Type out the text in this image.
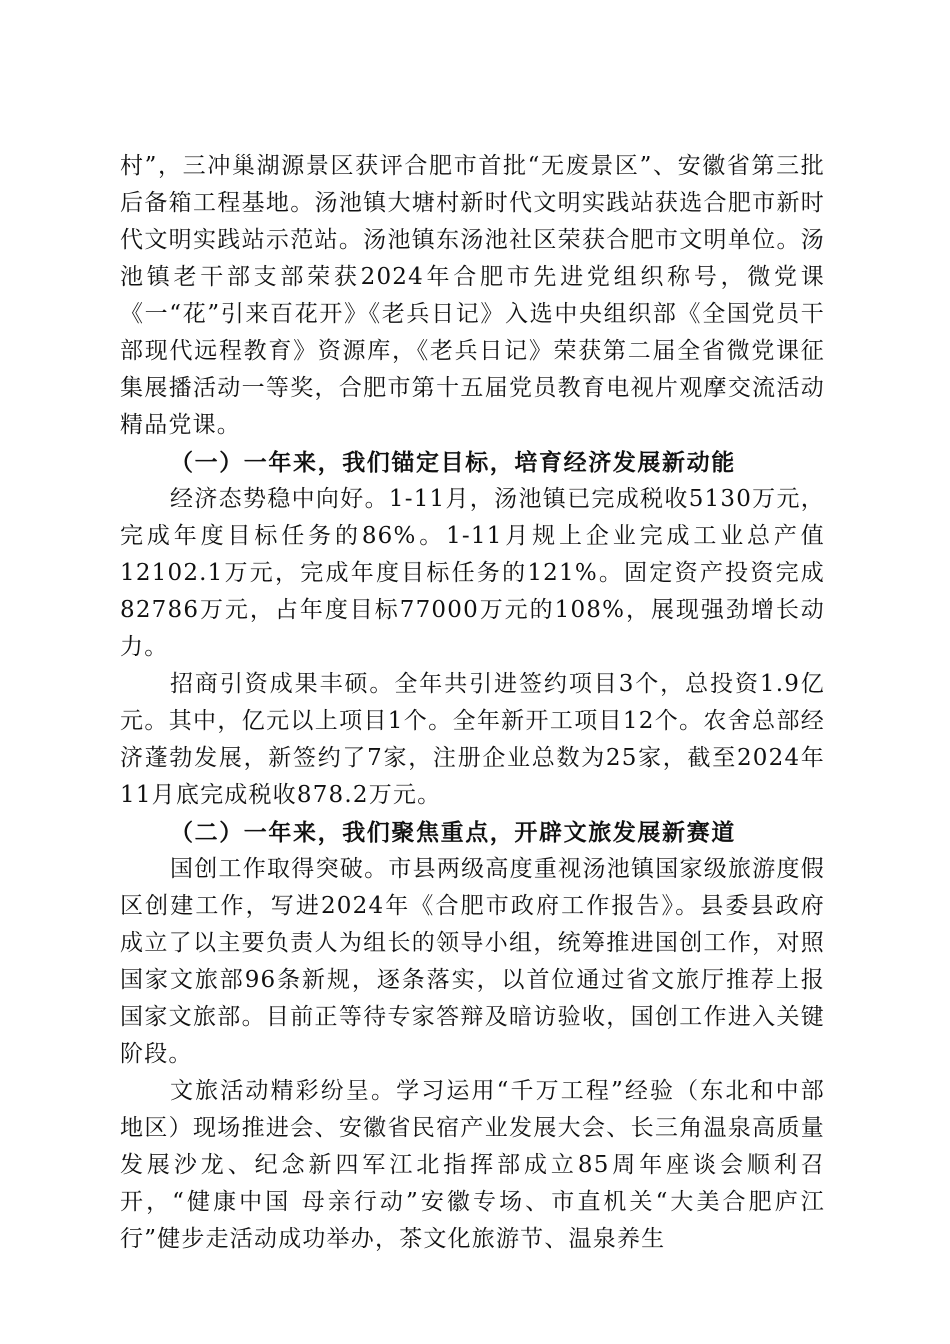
村”，三冲巢湖源景区获评合肥市首批“无废景区”、安徽省第三批后备箱工程基地。汤池镇大塘村新时代文明实践站获选合肥市新时代文明实践站示范站。汤池镇东汤池社区荣获合肥市文明单位。汤池镇老干部支部荣获2024年合肥市先进党组织称号，微党课《一“花”引来百花开》《老兵日记》入选中央组织部《全国党员干部现代远程教育》资源库，《老兵日记》荣获第二届全省微党课征集展播活动一等奖，合肥市第十五届党员教育电视片观摩交流活动精品党课。

（一）一年来，我们锚定目标，培育经济发展新动能

经济态势稳中向好。1-11月，汤池镇已完成税收5130万元，完成年度目标任务的86%。1-11月规上企业完成工业总产值12102.1万元，完成年度目标任务的121%。固定资产投资完成82786万元，占年度目标77000万元的108%，展现强劲增长动力。

招商引资成果丰硕。全年共引进签约项目3个，总投资1.9亿元。其中，亿元以上项目1个。全年新开工项目12个。农舍总部经济蓬勃发展，新签约了7家，注册企业总数为25家，截至2024年11月底完成税收878.2万元。

（二）一年来，我们聚焦重点，开辟文旅发展新赛道

国创工作取得突破。市县两级高度重视汤池镇国家级旅游度假区创建工作，写进2024年《合肥市政府工作报告》。县委县政府成立了以主要负责人为组长的领导小组，统筹推进国创工作，对照国家文旅部96条新规，逐条落实，以首位通过省文旅厅推荐上报国家文旅部。目前正等待专家答辩及暗访验收，国创工作进入关键阶段。

文旅活动精彩纷呈。学习运用“千万工程”经验（东北和中部地区）现场推进会、安徽省民宿产业发展大会、长三角温泉高质量发展沙龙、纪念新四军江北指挥部成立85周年座谈会顺利召开，“健康中国 母亲行动”安徽专场、市直机关“大美合肥庐江行”健步走活动成功举办，茶文化旅游节、温泉养生
